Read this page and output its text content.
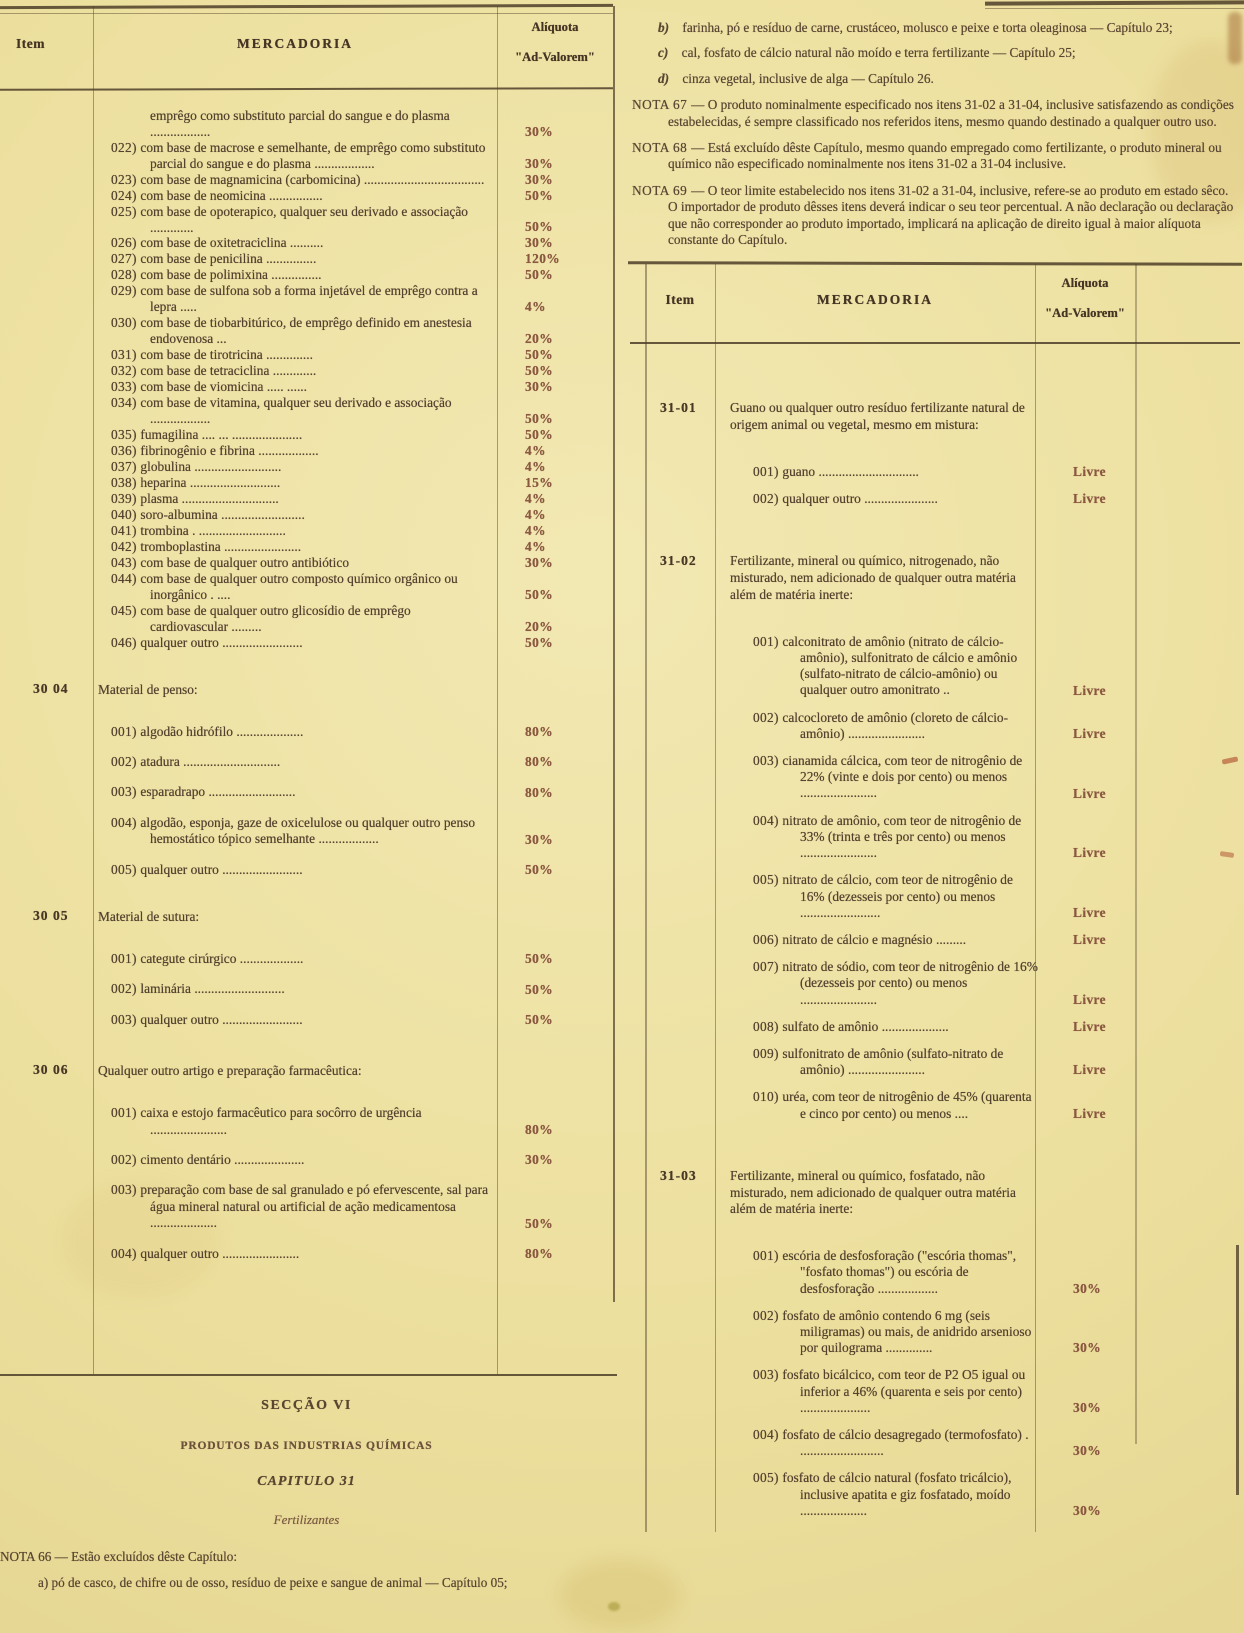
Item	MERCADORIA
Alíquota
"Ad-Valorem"
emprêgo como substituto parcial do sangue e do plasma ..................	30%
022) com base de macrose e semelhante, de emprêgo como substituto parcial do sangue e do plasma ..................	30%
023) com base de magnamicina (carbomicina) ....................................	30%
024) com base de neomicina ................	50%
025) com base de opoterapico, qualquer seu derivado e associação .............	50%
026) com base de oxitetraciclina ..........	30%
027) com base de penicilina ...............	120%
028) com base de polimixina ...............	50%
029) com base de sulfona sob a forma injetável de emprêgo contra a lepra .....	4%
030) com base de tiobarbitúrico, de emprêgo definido em anestesia endovenosa ...	20%
031) com base de tirotricina ..............	50%
032) com base de tetraciclina .............	50%
033) com base de viomicina ..... ......	30%
034) com base de vitamina, qualquer seu derivado e associação ..................	50%
035) fumagilina .... ... .....................	50%
036) fibrinogênio e fibrina ..................	4%
037) globulina ..........................	4%
038) heparina ...........................	15%
039) plasma .............................	4%
040) soro-albumina .........................	4%
041) trombina . ..........................	4%
042) tromboplastina .......................	4%
043) com base de qualquer outro antibiótico	30%
044) com base de qualquer outro composto químico orgânico ou inorgânico . ....	50%
045) com base de qualquer outro glicosídio de emprêgo cardiovascular .........	20%
046) qualquer outro ........................	50%
30 04	Material de penso:
001) algodão hidrófilo ....................	80%
002) atadura .............................	80%
003) esparadrapo ..........................	80%
004) algodão, esponja, gaze de oxicelulose ou qualquer outro penso hemostático tópico semelhante ..................	30%
005) qualquer outro ........................	50%
30 05	Material de sutura:
001) categute cirúrgico ...................	50%
002) laminária ...........................	50%
003) qualquer outro ........................	50%
30 06	Qualquer outro artigo e preparação farmacêutica:
001) caixa e estojo farmacêutico para socôrro de urgência .......................	80%
002) cimento dentário .....................	30%
003) preparação com base de sal granulado e pó efervescente, sal para água mineral natural ou artificial de ação medicamentosa ....................	50%
004) qualquer outro .......................	80%
SECÇÃO VI
PRODUTOS DAS INDUSTRIAS QUÍMICAS
CAPITULO 31
Fertilizantes
NOTA 66 — Estão excluídos dêste Capítulo:
a) pó de casco, de chifre ou de osso, resíduo de peixe e sangue de animal — Capítulo 05;
b) farinha, pó e resíduo de carne, crustáceo, molusco e peixe e torta oleaginosa — Capítulo 23;
c) cal, fosfato de cálcio natural não moído e terra fertilizante — Capítulo 25;
d) cinza vegetal, inclusive de alga — Capítulo 26.
NOTA 67 — O produto nominalmente especificado nos itens 31-02 a 31-04, inclusive satisfazendo as condições estabelecidas, é sempre classificado nos referidos itens, mesmo quando destinado a qualquer outro uso.
NOTA 68 — Está excluído dêste Capítulo, mesmo quando empregado como fertilizante, o produto mineral ou químico não especificado nominalmente nos itens 31-02 a 31-04 inclusive.
NOTA 69 — O teor limite estabelecido nos itens 31-02 a 31-04, inclusive, refere-se ao produto em estado sêco. O importador de produto dêsses itens deverá indicar o seu teor percentual. A não declaração ou declaração que não corresponder ao produto importado, implicará na aplicação de direito igual à maior alíquota constante do Capítulo.
Item	MERCADORIA
Alíquota
"Ad-Valorem"
31-01	Guano ou qualquer outro resíduo fertilizante natural de origem animal ou vegetal, mesmo em mistura:
001) guano ..............................	Livre
002) qualquer outro ......................	Livre
31-02	Fertilizante, mineral ou químico, nitrogenado, não misturado, nem adicionado de qualquer outra matéria além de matéria inerte:
001) calconitrato de amônio (nitrato de cálcio-amônio), sulfonitrato de cálcio e amônio (sulfato-nitrato de cálcio-amônio) ou qualquer outro amonitrato ..	Livre
002) calcocloreto de amônio (cloreto de cálcio-amônio) .......................	Livre
003) cianamida cálcica, com teor de nitrogênio de 22% (vinte e dois por cento) ou menos .......................	Livre
004) nitrato de amônio, com teor de nitrogênio de 33% (trinta e três por cento) ou menos .......................	Livre
005) nitrato de cálcio, com teor de nitrogênio de 16% (dezesseis por cento) ou menos ........................	Livre
006) nitrato de cálcio e magnésio .........	Livre
007) nitrato de sódio, com teor de nitrogênio de 16% (dezesseis por cento) ou menos .......................	Livre
008) sulfato de amônio ....................	Livre
009) sulfonitrato de amônio (sulfato-nitrato de amônio) .......................	Livre
010) uréa, com teor de nitrogênio de 45% (quarenta e cinco por cento) ou menos ....	Livre
31-03	Fertilizante, mineral ou químico, fosfatado, não misturado, nem adicionado de qualquer outra matéria além de matéria inerte:
001) escória de desfosforação ("escória thomas", "fosfato thomas") ou escória de desfosforação ..................	30%
002) fosfato de amônio contendo 6 mg (seis miligramas) ou mais, de anidrido arsenioso por quilograma ..............	30%
003) fosfato bicálcico, com teor de P2 O5 igual ou inferior a 46% (quarenta e seis por cento) .....................	30%
004) fosfato de cálcio desagregado (termofosfato) . .........................	30%
005) fosfato de cálcio natural (fosfato tricálcio), inclusive apatita e giz fosfatado, moído ....................	30%
